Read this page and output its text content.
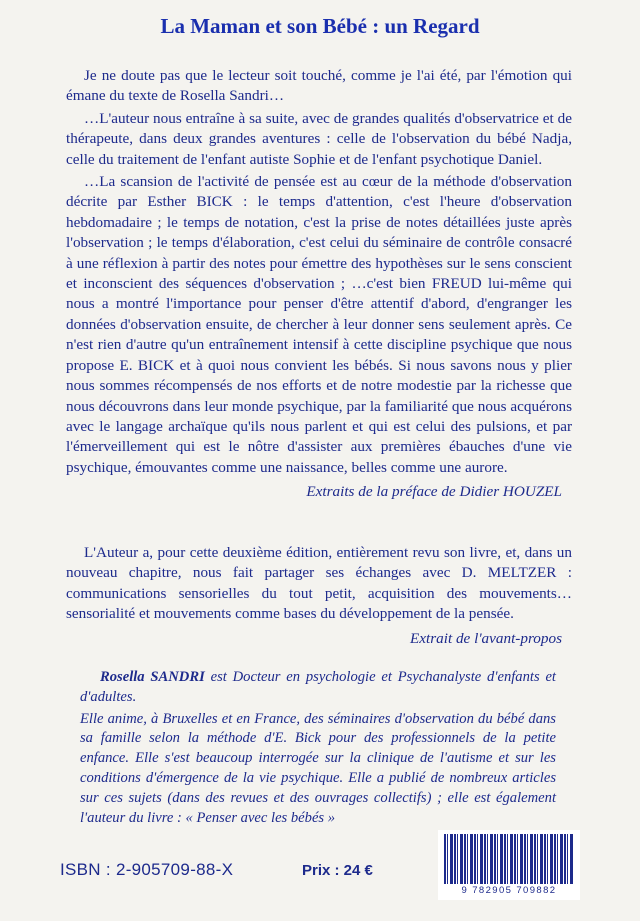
La Maman et son Bébé : un Regard

Je ne doute pas que le lecteur soit touché, comme je l'ai été, par l'émotion qui émane du texte de Rosella Sandri…

…L'auteur nous entraîne à sa suite, avec de grandes qualités d'observatrice et de thérapeute, dans deux grandes aventures : celle de l'observation du bébé Nadja, celle du traitement de l'enfant autiste Sophie et de l'enfant psychotique Daniel.

…La scansion de l'activité de pensée est au cœur de la méthode d'observation décrite par Esther BICK : le temps d'attention, c'est l'heure d'observation hebdomadaire ; le temps de notation, c'est la prise de notes détaillées juste après l'observation ; le temps d'élaboration, c'est celui du séminaire de contrôle consacré à une réflexion à partir des notes pour émettre des hypothèses sur le sens conscient et inconscient des séquences d'observation ; …c'est bien FREUD lui-même qui nous a montré l'importance pour penser d'être attentif d'abord, d'engranger les données d'observation ensuite, de chercher à leur donner sens seulement après. Ce n'est rien d'autre qu'un entraînement intensif à cette discipline psychique que nous propose E. BICK et à quoi nous convient les bébés. Si nous savons nous y plier nous sommes récompensés de nos efforts et de notre modestie par la richesse que nous découvrons dans leur monde psychique, par la familiarité que nous acquérons avec le langage archaïque qu'ils nous parlent et qui est celui des pulsions, et par l'émerveillement qui est le nôtre d'assister aux premières ébauches d'une vie psychique, émouvantes comme une naissance, belles comme une aurore.

Extraits de la préface de Didier HOUZEL

L'Auteur a, pour cette deuxième édition, entièrement revu son livre, et, dans un nouveau chapitre, nous fait partager ses échanges avec D. MELTZER : communications sensorielles du tout petit, acquisition des mouvements… sensorialité et mouvements comme bases du développement de la pensée.

Extrait de l'avant-propos

Rosella SANDRI est Docteur en psychologie et Psychanalyste d'enfants et d'adultes.

Elle anime, à Bruxelles et en France, des séminaires d'observation du bébé dans sa famille selon la méthode d'E. Bick pour des professionnels de la petite enfance. Elle s'est beaucoup interrogée sur la clinique de l'autisme et sur les conditions d'émergence de la vie psychique. Elle a publié de nombreux articles sur ces sujets (dans des revues et des ouvrages collectifs) ; elle est également l'auteur du livre : « Penser avec les bébés »

ISBN : 2-905709-88-X	Prix : 24 €
9 782905 709882
